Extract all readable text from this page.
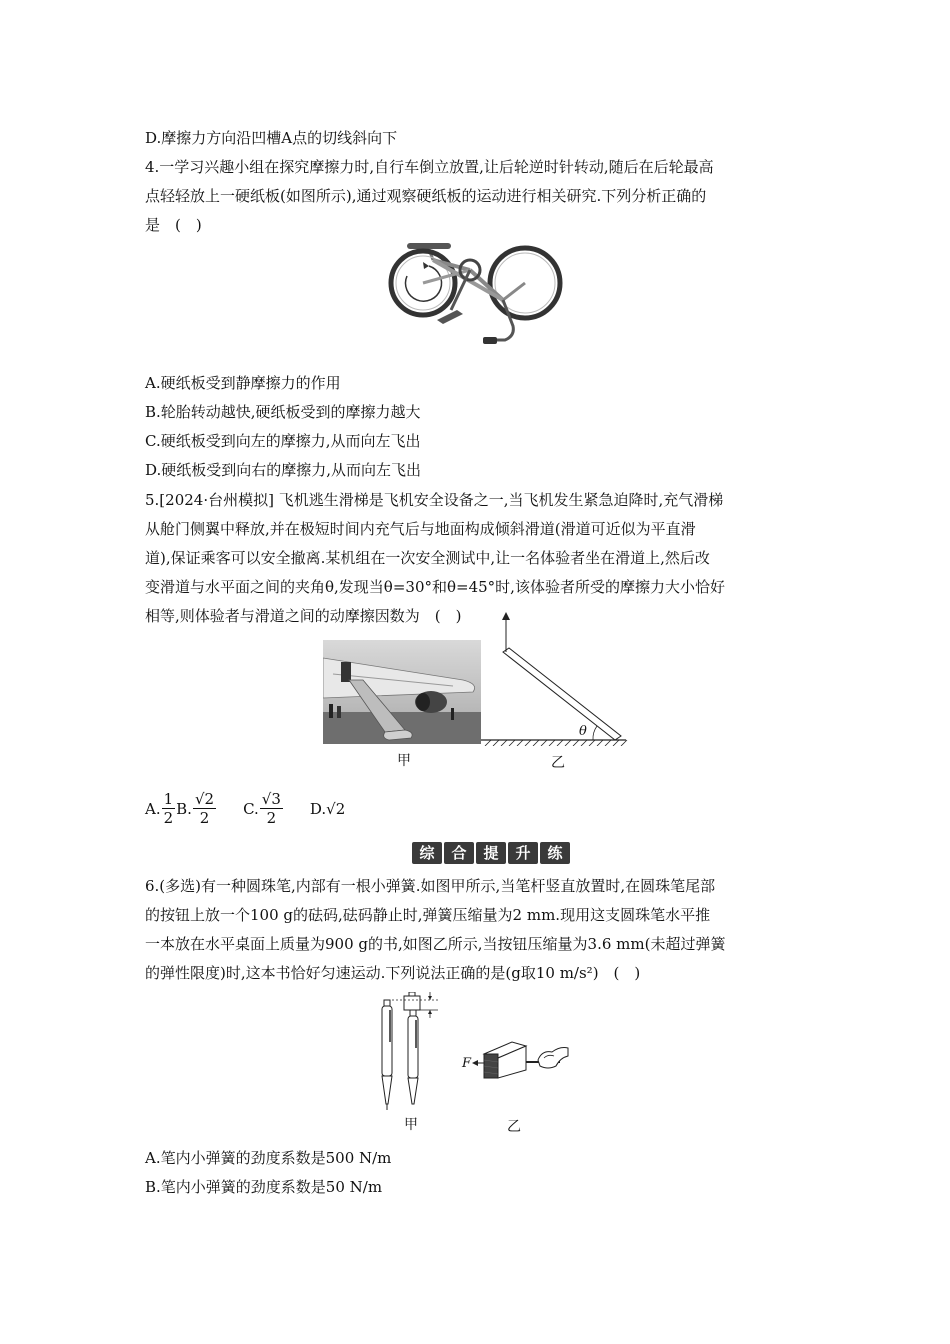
D.摩擦力方向沿凹槽A点的切线斜向下
4.一学习兴趣小组在探究摩擦力时,自行车倒立放置,让后轮逆时针转动,随后在后轮最高
点轻轻放上一硬纸板(如图所示),通过观察硬纸板的运动进行相关研究.下列分析正确的
是　(　)
A.硬纸板受到静摩擦力的作用
B.轮胎转动越快,硬纸板受到的摩擦力越大
C.硬纸板受到向左的摩擦力,从而向左飞出
D.硬纸板受到向右的摩擦力,从而向左飞出
5.[2024·台州模拟] 飞机逃生滑梯是飞机安全设备之一,当飞机发生紧急迫降时,充气滑梯
从舱门侧翼中释放,并在极短时间内充气后与地面构成倾斜滑道(滑道可近似为平直滑
道),保证乘客可以安全撤离.某机组在一次安全测试中,让一名体验者坐在滑道上,然后改
变滑道与水平面之间的夹角θ,发现当θ=30°和θ=45°时,该体验者所受的摩擦力大小恰好
相等,则体验者与滑道之间的动摩擦因数为　(　)
θ
甲	乙
A. $\frac{1}{2} B$. $\frac{√2}{2} C$. $\frac{√3}{2} D.√2$
综	合	提	升	练
6.(多选)有一种圆珠笔,内部有一根小弹簧.如图甲所示,当笔杆竖直放置时,在圆珠笔尾部
的按钮上放一个100 g的砝码,砝码静止时,弹簧压缩量为2 mm.现用这支圆珠笔水平推
一本放在水平桌面上质量为900 g的书,如图乙所示,当按钮压缩量为3.6 mm(未超过弹簧
的弹性限度)时,这本书恰好匀速运动.下列说法正确的是(g取10 m/s²)　(　)
F
甲	乙
A.笔内小弹簧的劲度系数是500 N/m
B.笔内小弹簧的劲度系数是50 N/m
